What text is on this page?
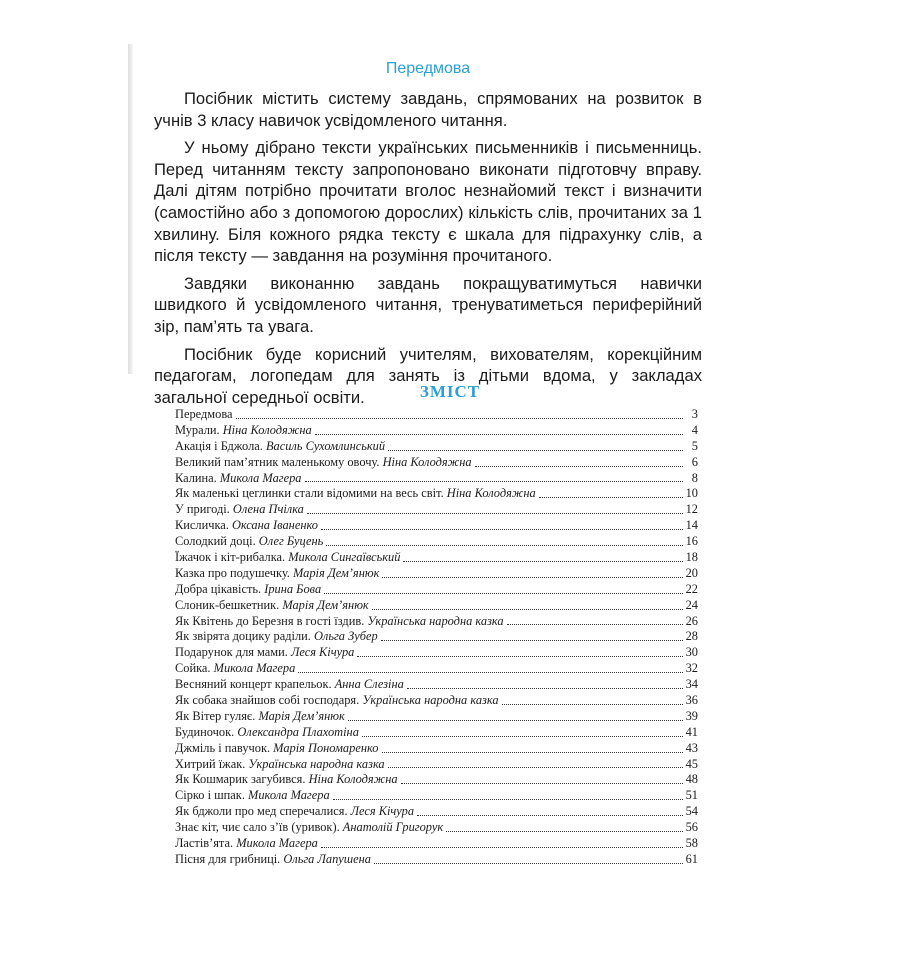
Передмова

Посібник містить систему завдань, спрямованих на розвиток в учнів 3 класу навичок усвідомленого читання.

У ньому дібрано тексти українських письменників і письменниць. Перед читанням тексту запропоновано виконати підготовчу вправу. Далі дітям потрібно прочитати вголос незнайомий текст і визначити (самостійно або з допомогою дорослих) кількість слів, прочитаних за 1 хвилину. Біля кожного рядка тексту є шкала для підрахунку слів, а після тексту — завдання на розуміння прочитаного.

Завдяки виконанню завдань покращуватимуться навички швидкого й усвідомленого читання, тренуватиметься периферійний зір, пам’ять та увага.

Посібник буде корисний учителям, вихователям, корекційним педагогам, логопедам для занять із дітьми вдома, у закладах загальної середньої освіти.	ЗМІСТ
Передмова	3
Мурали. Ніна Колодяжна	4
Акація і Бджола. Василь Сухомлинський	5
Великий пам’ятник маленькому овочу. Ніна Колодяжна	6
Калина. Микола Магера	8
Як маленькі цеглинки стали відомими на весь світ. Ніна Колодяжна	10
У пригоді. Олена Пчілка	12
Кисличка. Оксана Іваненко	14
Солодкий доці. Олег Буцень	16
Їжачок і кіт-рибалка. Микола Сингаївський	18
Казка про подушечку. Марія Дем’янюк	20
Добра цікавість. Ірина Бова	22
Слоник-бешкетник. Марія Дем’янюк	24
Як Квітень до Березня в гості їздив. Українська народна казка	26
Як звірята доцику раділи. Ольга Зубер	28
Подарунок для мами. Леся Кічура	30
Сойка. Микола Магера	32
Весняний концерт крапельок. Анна Слезіна	34
Як собака знайшов собі господаря. Українська народна казка	36
Як Вітер гуляє. Марія Дем’янюк	39
Будиночок. Олександра Плахотіна	41
Джміль і павучок. Марія Пономаренко	43
Хитрий їжак. Українська народна казка	45
Як Кошмарик загубився. Ніна Колодяжна	48
Сірко і шпак. Микола Магера	51
Як бджоли про мед сперечалися. Леся Кічура	54
Знає кіт, чиє сало з’їв (уривок). Анатолій Григорук	56
Ластів’ята. Микола Магера	58
Пісня для грибниці. Ольга Лапушена	61
